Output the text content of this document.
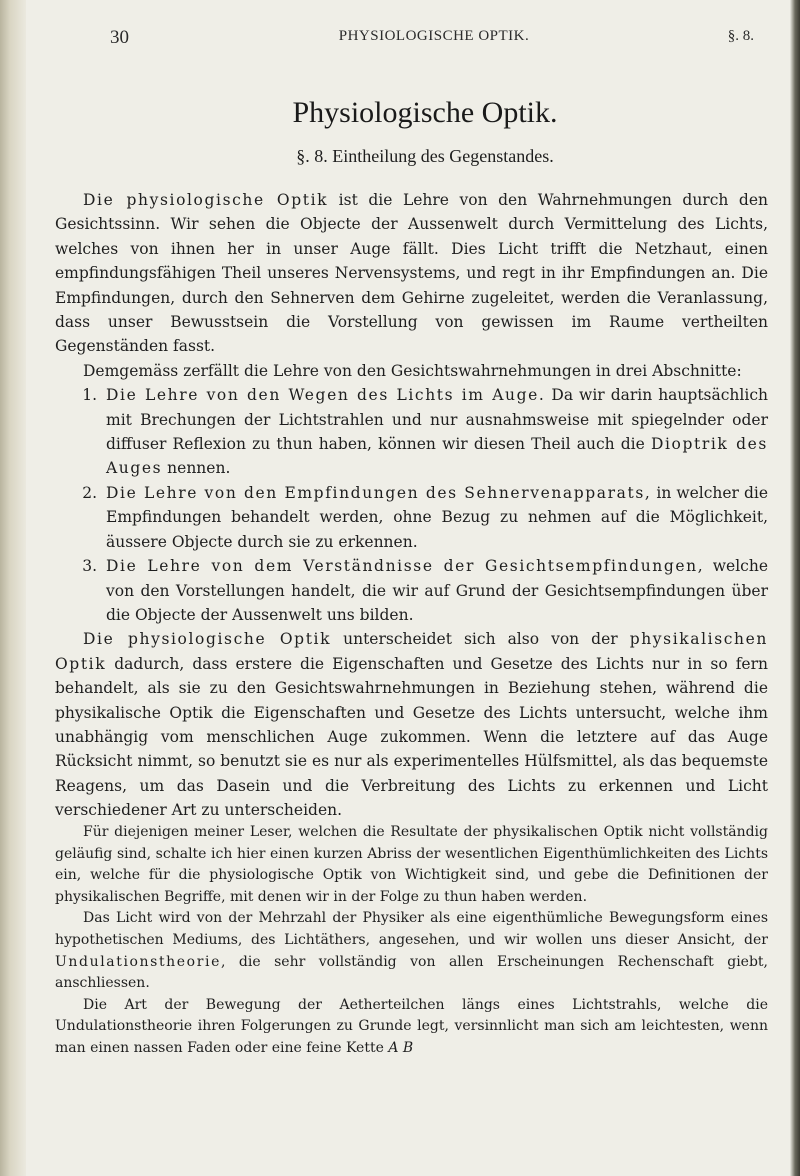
30	PHYSIOLOGISCHE OPTIK.	§. 8.
Physiologische Optik.
§. 8. Eintheilung des Gegenstandes.

Die physiologische Optik ist die Lehre von den Wahrnehmungen durch den Gesichtssinn. Wir sehen die Objecte der Aussenwelt durch Vermittelung des Lichts, welches von ihnen her in unser Auge fällt. Dies Licht trifft die Netzhaut, einen empfindungsfähigen Theil unseres Nervensystems, und regt in ihr Empfindungen an. Die Empfindungen, durch den Sehnerven dem Gehirne zugeleitet, werden die Veranlassung, dass unser Bewusstsein die Vorstellung von gewissen im Raume vertheilten Gegenständen fasst.

Demgemäss zerfällt die Lehre von den Gesichtswahrnehmungen in drei Abschnitte:

1. Die Lehre von den Wegen des Lichts im Auge. Da wir darin hauptsächlich mit Brechungen der Lichtstrahlen und nur ausnahmsweise mit spiegelnder oder diffuser Reflexion zu thun haben, können wir diesen Theil auch die Dioptrik des Auges nennen.
2. Die Lehre von den Empfindungen des Sehnervenapparats, in welcher die Empfindungen behandelt werden, ohne Bezug zu nehmen auf die Möglichkeit, äussere Objecte durch sie zu erkennen.
3. Die Lehre von dem Verständnisse der Gesichtsempfindungen, welche von den Vorstellungen handelt, die wir auf Grund der Gesichtsempfindungen über die Objecte der Aussenwelt uns bilden.

Die physiologische Optik unterscheidet sich also von der physikalischen Optik dadurch, dass erstere die Eigenschaften und Gesetze des Lichts nur in so fern behandelt, als sie zu den Gesichtswahrnehmungen in Beziehung stehen, während die physikalische Optik die Eigenschaften und Gesetze des Lichts untersucht, welche ihm unabhängig vom menschlichen Auge zukommen. Wenn die letztere auf das Auge Rücksicht nimmt, so benutzt sie es nur als experimentelles Hülfsmittel, als das bequemste Reagens, um das Dasein und die Verbreitung des Lichts zu erkennen und Licht verschiedener Art zu unterscheiden.

Für diejenigen meiner Leser, welchen die Resultate der physikalischen Optik nicht vollständig geläufig sind, schalte ich hier einen kurzen Abriss der wesentlichen Eigenthümlichkeiten des Lichts ein, welche für die physiologische Optik von Wichtigkeit sind, und gebe die Definitionen der physikalischen Begriffe, mit denen wir in der Folge zu thun haben werden.

Das Licht wird von der Mehrzahl der Physiker als eine eigenthümliche Bewegungsform eines hypothetischen Mediums, des Lichtäthers, angesehen, und wir wollen uns dieser Ansicht, der Undulationstheorie, die sehr vollständig von allen Erscheinungen Rechenschaft giebt, anschliessen.

Die Art der Bewegung der Aetherteilchen längs eines Lichtstrahls, welche die Undulationstheorie ihren Folgerungen zu Grunde legt, versinnlicht man sich am leichtesten, wenn man einen nassen Faden oder eine feine Kette A B
